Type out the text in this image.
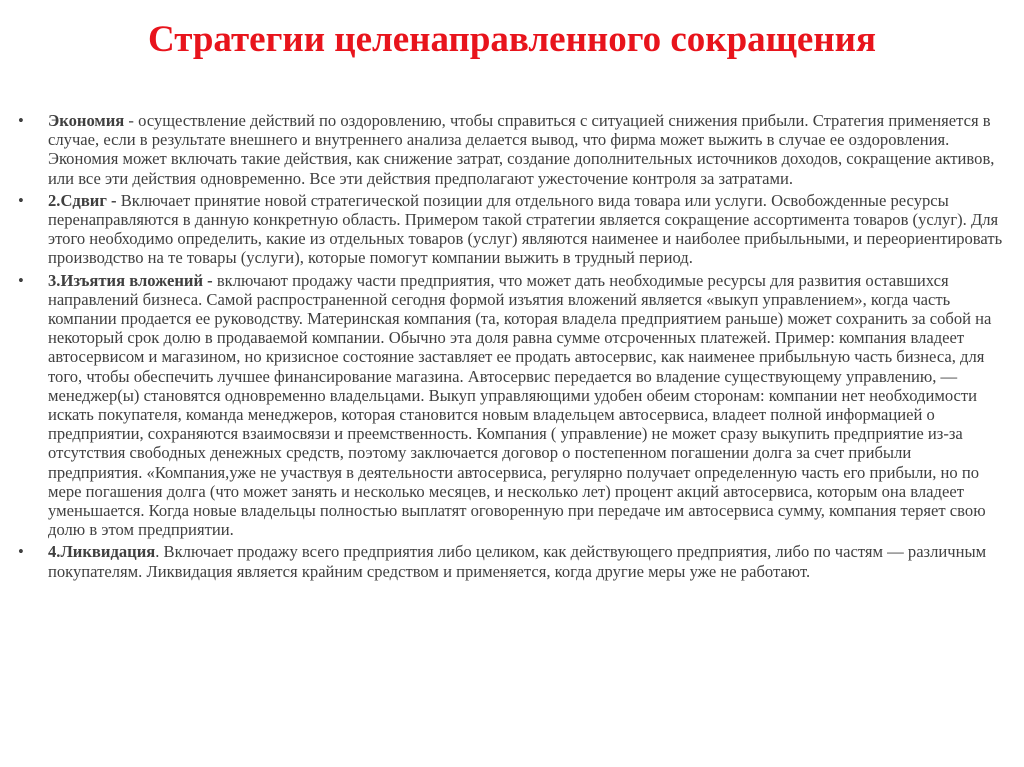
Стратегии целенаправленного сокращения
•	Экономия - осуществление действий по оздоровлению, чтобы справиться с ситуацией снижения прибыли. Стратегия применяется в случае, если в результате внешнего и внутреннего анализа делается вывод, что фирма может выжить в случае ее оздоровления. Экономия может включать такие действия, как снижение затрат, создание дополнительных источников доходов, сокращение активов, или все эти действия одновременно. Все эти действия предполагают ужесточение контроля за затратами.
•	2.Сдвиг - Включает принятие новой стратегической позиции для отдельного вида товара или услуги. Освобожденные ресурсы перенаправляются в данную конкретную область. Примером такой стратегии является сокращение ассортимента товаров (услуг). Для этого необходимо определить, какие из отдельных товаров (услуг) являются наименее и наиболее прибыльными, и переориентировать производство на те товары (услуги), которые помогут компании выжить в трудный период.
•	3.Изъятия вложений - включают продажу части предприятия, что может дать необходимые ресурсы для развития оставшихся направлений бизнеса. Самой распространенной сегодня формой изъятия вложений является «выкуп управлением», когда часть компании продается ее руководству. Материнская компания (та, которая владела предприятием раньше) может сохранить за собой на некоторый срок долю в продаваемой компании. Обычно эта доля равна сумме отсроченных платежей. Пример: компания владеет автосервисом и магазином, но кризисное состояние заставляет ее продать автосервис, как наименее прибыльную часть бизнеса, для того, чтобы обеспечить лучшее финансирование магазина. Автосервис передается во владение существующему управлению, — менеджер(ы) становятся одновременно владельцами. Выкуп управляющими удобен обеим сторонам: компании нет необходимости искать покупателя, команда менеджеров, которая становится новым владельцем автосервиса, владеет полной информацией о предприятии, сохраняются взаимосвязи и преемственность. Компания ( управление) не может сразу выкупить предприятие из-за отсутствия свободных денежных средств, поэтому заключается договор о постепенном погашении долга за счет прибыли предприятия. «Компания,уже не участвуя в деятельности автосервиса, регулярно получает определенную часть его прибыли, но по мере погашения долга (что может занять и несколько месяцев, и несколько лет) процент акций автосервиса, которым она владеет уменьшается. Когда новые владельцы полностью выплатят оговоренную при передаче им автосервиса сумму, компания теряет свою долю в этом предприятии.
•	4.Ликвидация. Включает продажу всего предприятия либо целиком, как действующего предприятия, либо по частям — различным покупателям. Ликвидация является крайним средством и применяется, когда другие меры уже не работают.
